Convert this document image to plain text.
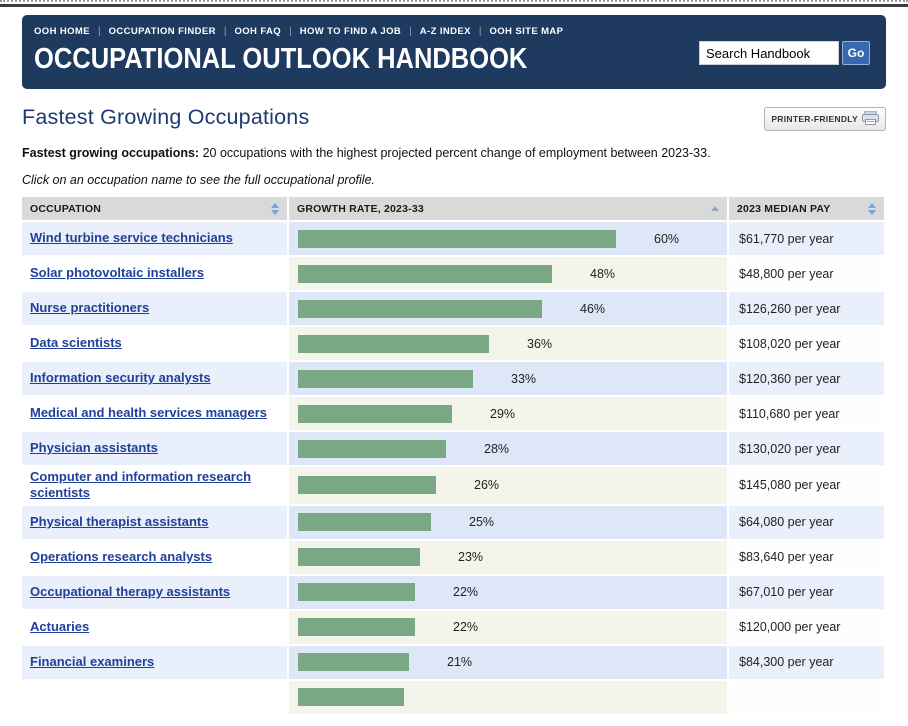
OOH HOME | OCCUPATION FINDER | OOH FAQ | HOW TO FIND A JOB | A-Z INDEX | OOH SITE MAP
OCCUPATIONAL OUTLOOK HANDBOOK
Search Handbook	Go
Fastest Growing Occupations	PRINTER-FRIENDLY

Fastest growing occupations: 20 occupations with the highest projected percent change of employment between 2023-33.

Click on an occupation name to see the full occupational profile.

OCCUPATION	GROWTH RATE, 2023-33	2023 MEDIAN PAY
Wind turbine service technicians	60%	$61,770 per year
Solar photovoltaic installers	48%	$48,800 per year
Nurse practitioners	46%	$126,260 per year
Data scientists	36%	$108,020 per year
Information security analysts	33%	$120,360 per year
Medical and health services managers	29%	$110,680 per year
Physician assistants	28%	$130,020 per year
Computer and information research scientists	26%	$145,080 per year
Physical therapist assistants	25%	$64,080 per year
Operations research analysts	23%	$83,640 per year
Occupational therapy assistants	22%	$67,010 per year
Actuaries	22%	$120,000 per year
Financial examiners	21%	$84,300 per year
